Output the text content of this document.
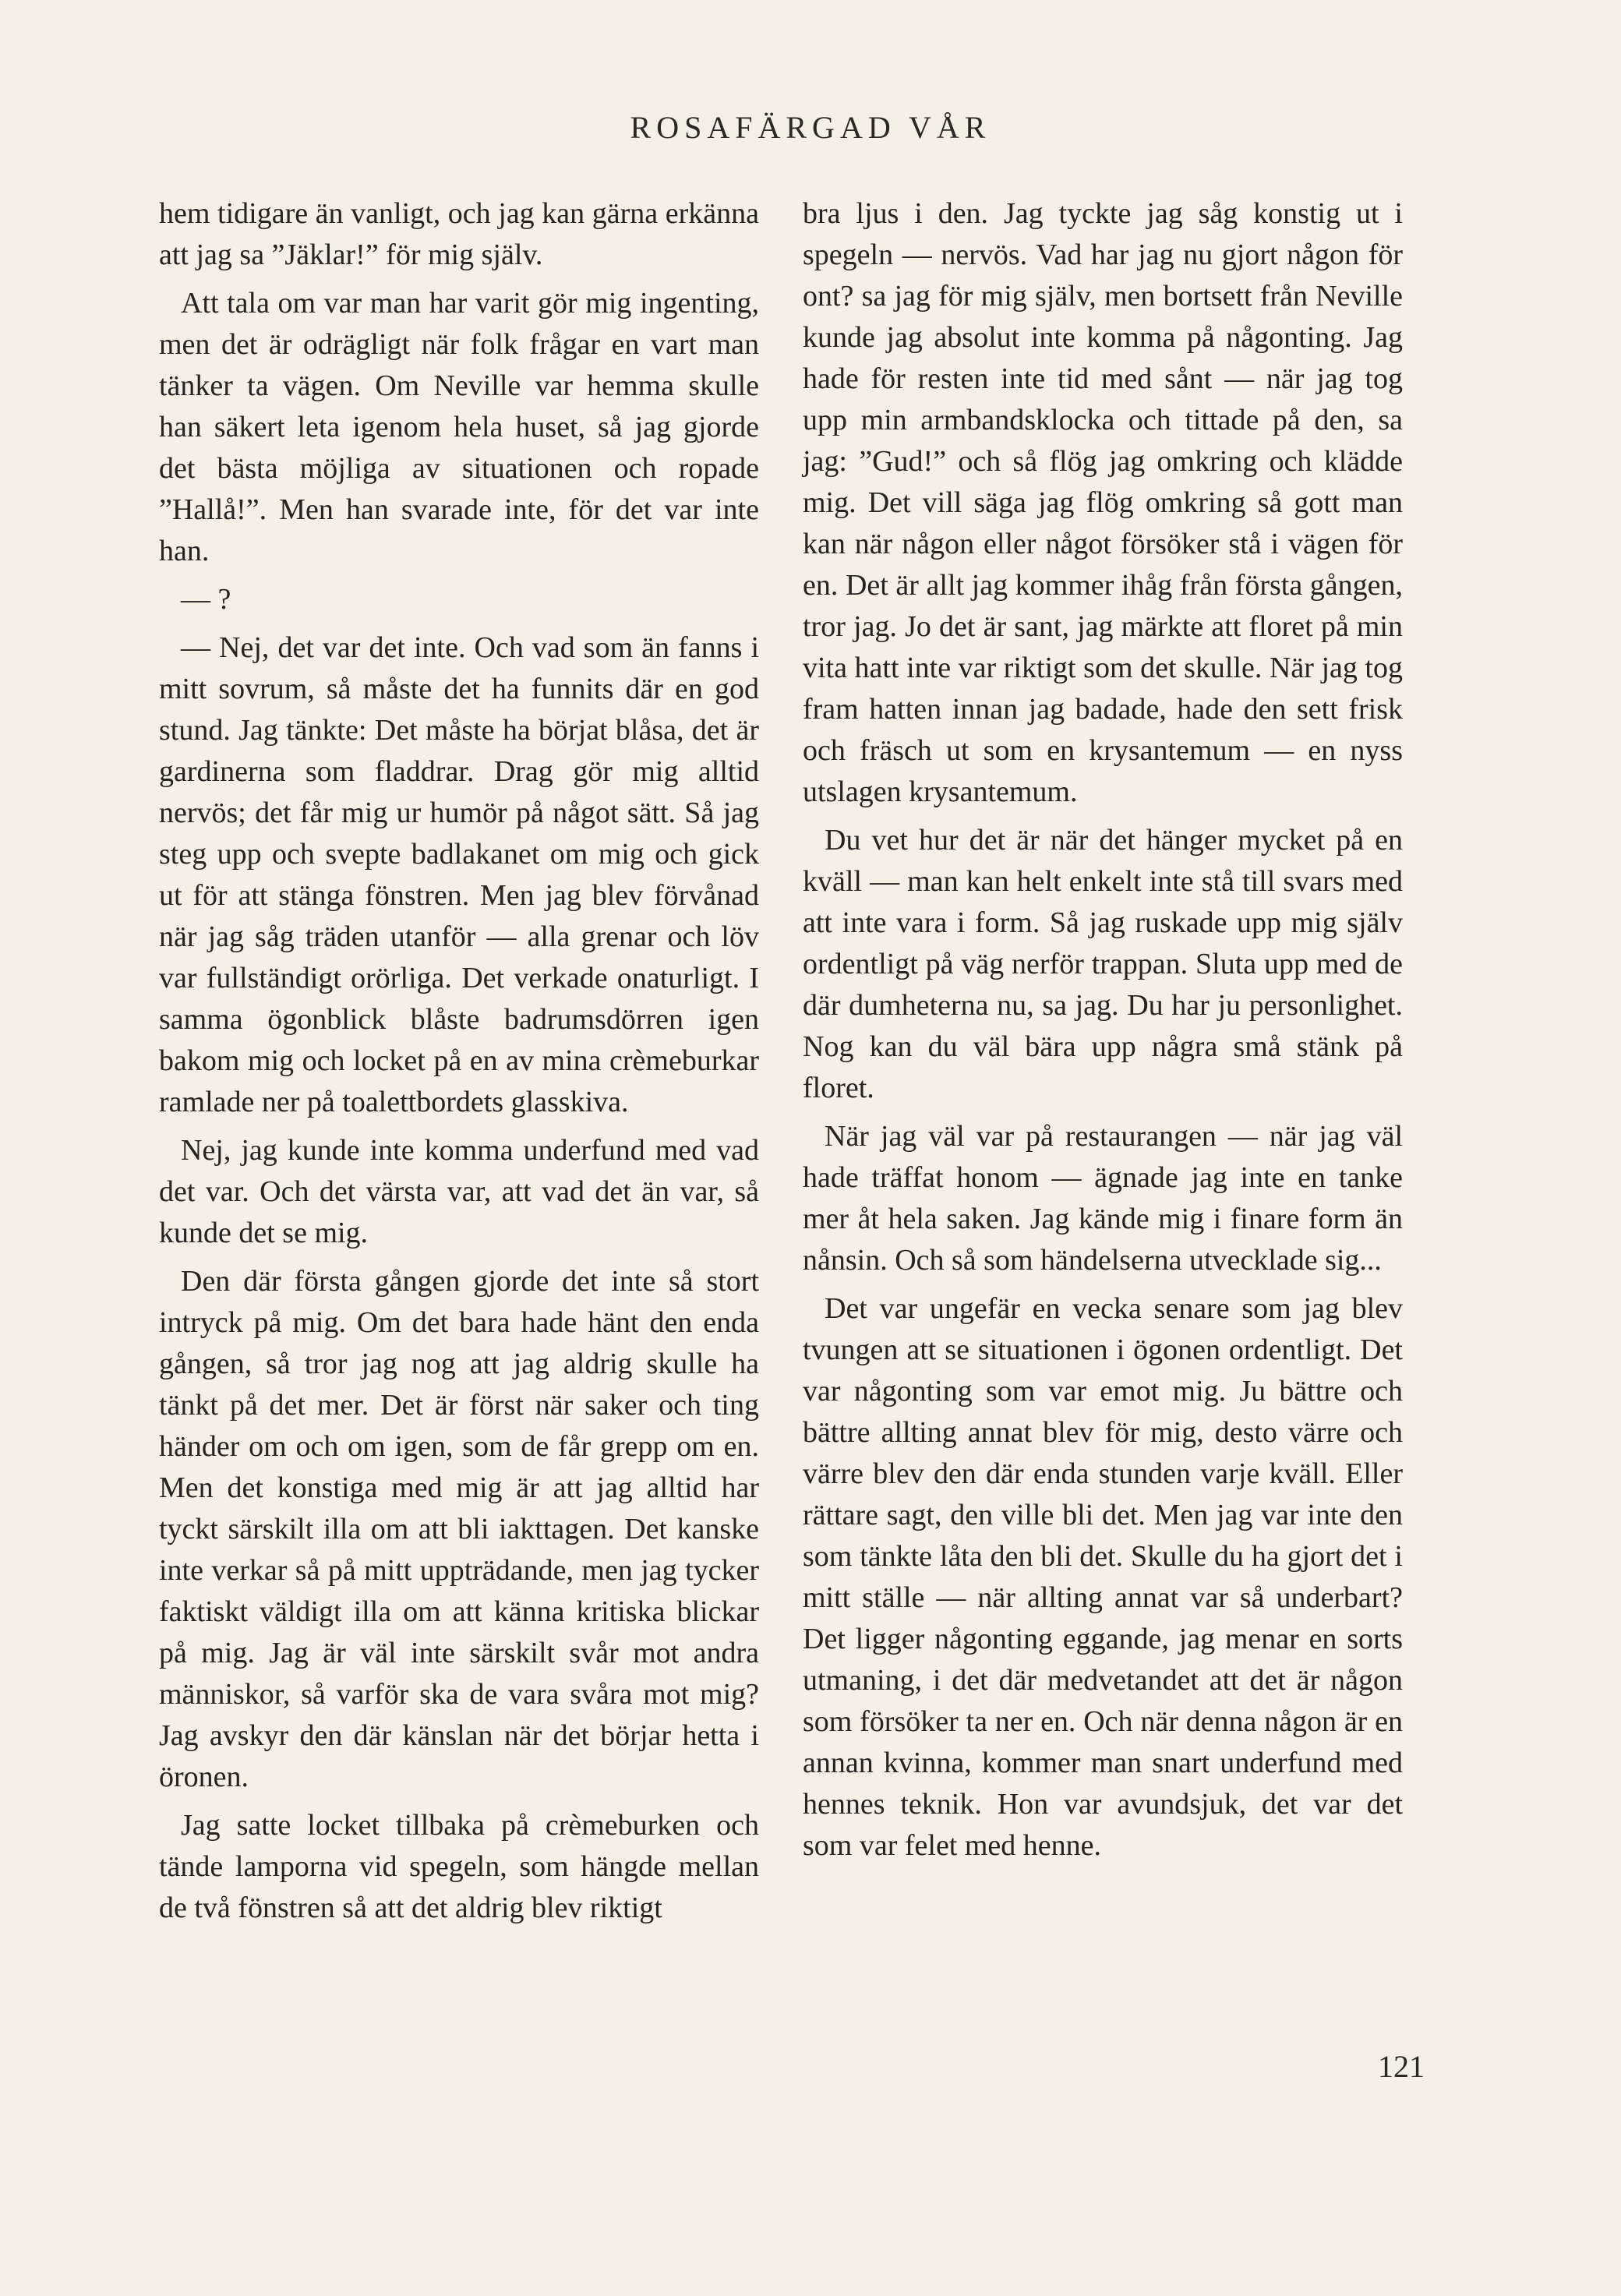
ROSAFÄRGAD VÅR

hem tidigare än vanligt, och jag kan gärna erkänna att jag sa ”Jäklar!” för mig själv.

Att tala om var man har varit gör mig ingenting, men det är odrägligt när folk frågar en vart man tänker ta vägen. Om Neville var hemma skulle han säkert leta igenom hela huset, så jag gjorde det bästa möjliga av situationen och ropade ”Hallå!”. Men han svarade inte, för det var inte han.

— ?

— Nej, det var det inte. Och vad som än fanns i mitt sovrum, så måste det ha funnits där en god stund. Jag tänkte: Det måste ha börjat blåsa, det är gardinerna som fladdrar. Drag gör mig alltid nervös; det får mig ur humör på något sätt. Så jag steg upp och svepte badlakanet om mig och gick ut för att stänga fönstren. Men jag blev förvånad när jag såg träden utanför — alla grenar och löv var fullständigt orörliga. Det verkade onaturligt. I samma ögonblick blåste badrumsdörren igen bakom mig och locket på en av mina crèmeburkar ramlade ner på toalettbordets glasskiva.

Nej, jag kunde inte komma underfund med vad det var. Och det värsta var, att vad det än var, så kunde det se mig.

Den där första gången gjorde det inte så stort intryck på mig. Om det bara hade hänt den enda gången, så tror jag nog att jag aldrig skulle ha tänkt på det mer. Det är först när saker och ting händer om och om igen, som de får grepp om en. Men det konstiga med mig är att jag alltid har tyckt särskilt illa om att bli iakttagen. Det kanske inte verkar så på mitt uppträdande, men jag tycker faktiskt väldigt illa om att känna kritiska blickar på mig. Jag är väl inte särskilt svår mot andra människor, så varför ska de vara svåra mot mig? Jag avskyr den där känslan när det börjar hetta i öronen.

Jag satte locket tillbaka på crèmeburken och tände lamporna vid spegeln, som hängde mellan de två fönstren så att det aldrig blev riktigt

bra ljus i den. Jag tyckte jag såg konstig ut i spegeln — nervös. Vad har jag nu gjort någon för ont? sa jag för mig själv, men bortsett från Neville kunde jag absolut inte komma på någonting. Jag hade för resten inte tid med sånt — när jag tog upp min armbandsklocka och tittade på den, sa jag: ”Gud!” och så flög jag omkring och klädde mig. Det vill säga jag flög omkring så gott man kan när någon eller något försöker stå i vägen för en. Det är allt jag kommer ihåg från första gången, tror jag. Jo det är sant, jag märkte att floret på min vita hatt inte var riktigt som det skulle. När jag tog fram hatten innan jag badade, hade den sett frisk och fräsch ut som en krysantemum — en nyss utslagen krysantemum.

Du vet hur det är när det hänger mycket på en kväll — man kan helt enkelt inte stå till svars med att inte vara i form. Så jag ruskade upp mig själv ordentligt på väg nerför trappan. Sluta upp med de där dumheterna nu, sa jag. Du har ju personlighet. Nog kan du väl bära upp några små stänk på floret.

När jag väl var på restaurangen — när jag väl hade träffat honom — ägnade jag inte en tanke mer åt hela saken. Jag kände mig i finare form än nånsin. Och så som händelserna utvecklade sig...

Det var ungefär en vecka senare som jag blev tvungen att se situationen i ögonen ordentligt. Det var någonting som var emot mig. Ju bättre och bättre allting annat blev för mig, desto värre och värre blev den där enda stunden varje kväll. Eller rättare sagt, den ville bli det. Men jag var inte den som tänkte låta den bli det. Skulle du ha gjort det i mitt ställe — när allting annat var så underbart? Det ligger någonting eggande, jag menar en sorts utmaning, i det där medvetandet att det är någon som försöker ta ner en. Och när denna någon är en annan kvinna, kommer man snart underfund med hennes teknik. Hon var avundsjuk, det var det som var felet med henne.

121
